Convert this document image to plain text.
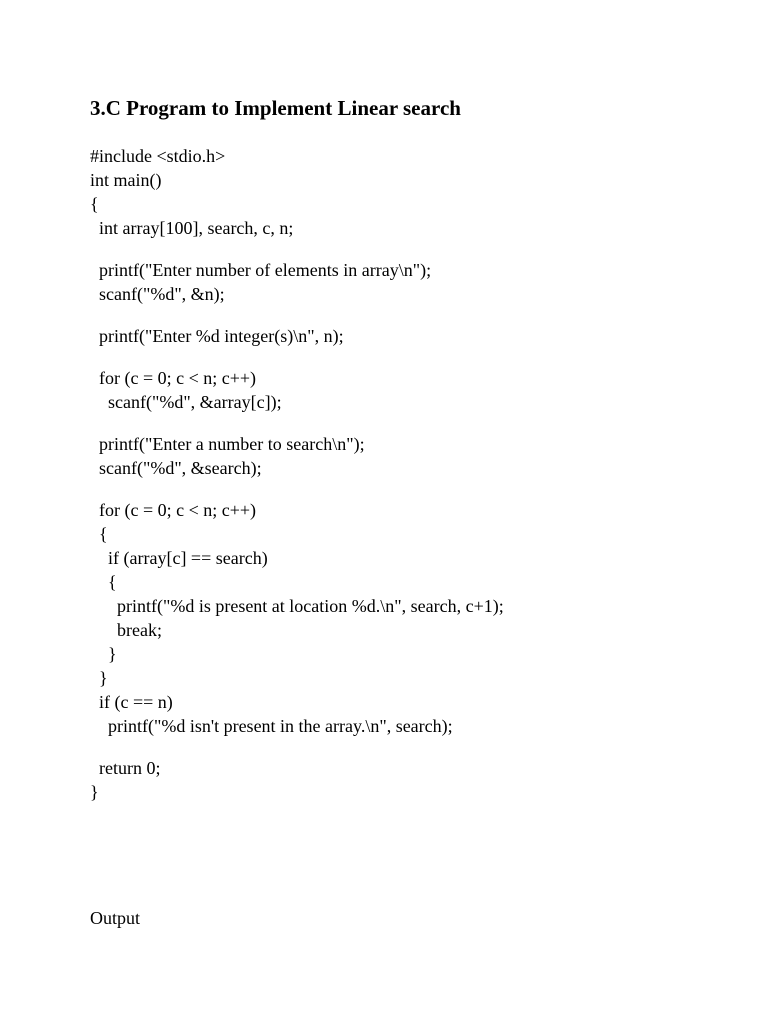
3.C Program to Implement Linear search
#include <stdio.h>
int main()
{
int array[100], search, c, n;
printf("Enter number of elements in array\n");
scanf("%d", &n);
printf("Enter %d integer(s)\n", n);
for (c = 0; c < n; c++)
scanf("%d", &array[c]);
printf("Enter a number to search\n");
scanf("%d", &search);
for (c = 0; c < n; c++)
{
if (array[c] == search)
{
printf("%d is present at location %d.\n", search, c+1);
break;
}
}
if (c == n)
printf("%d isn't present in the array.\n", search);
return 0;
}
Output
